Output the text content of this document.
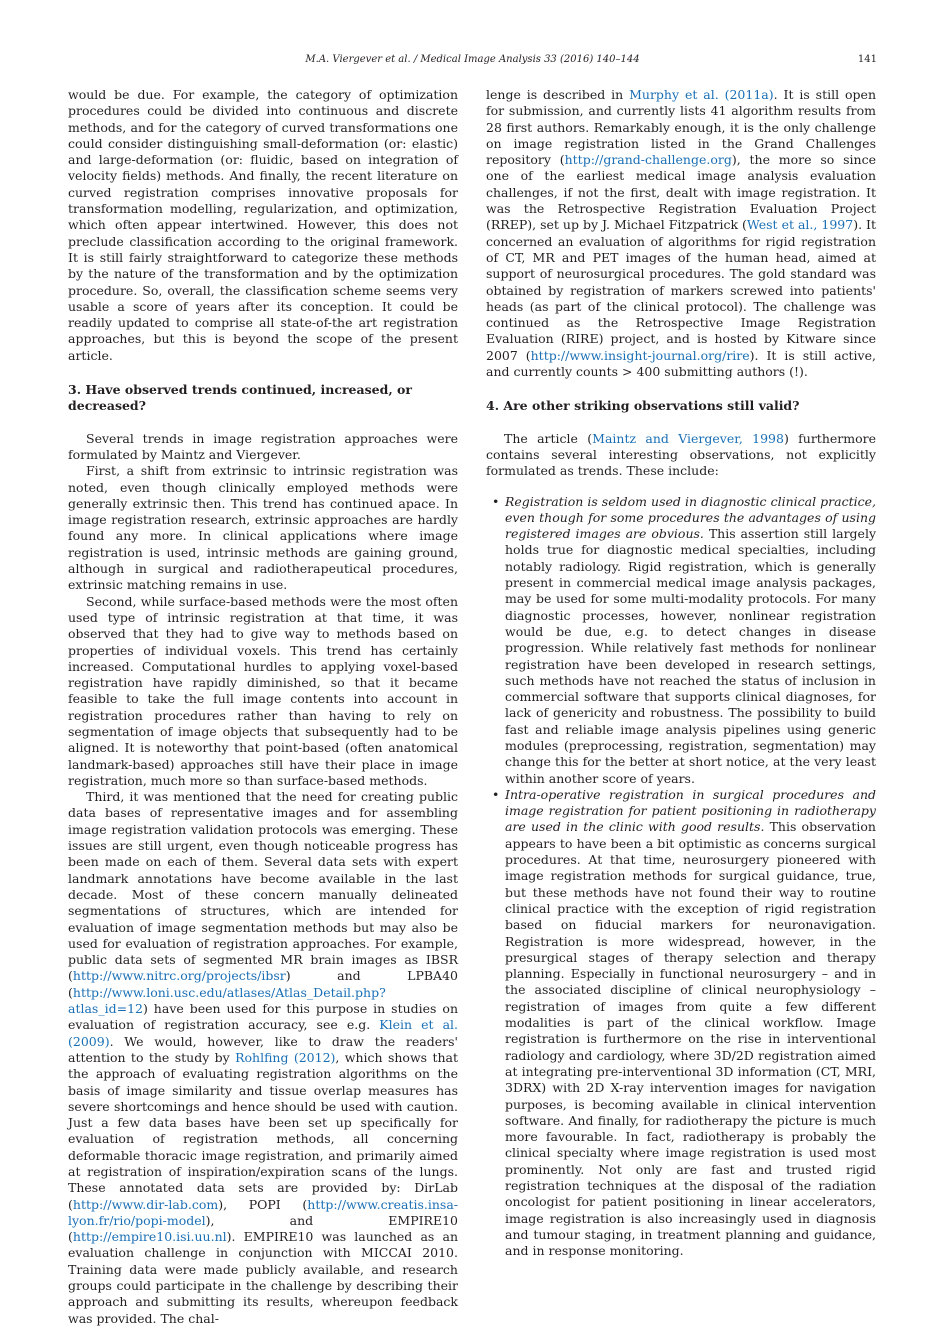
M.A. Viergever et al. / Medical Image Analysis 33 (2016) 140–144	141

would be due. For example, the category of optimization procedures could be divided into continuous and discrete methods, and for the category of curved transformations one could consider distinguishing small-deformation (or: elastic) and large-deformation (or: fluidic, based on integration of velocity fields) methods. And finally, the recent literature on curved registration comprises innovative proposals for transformation modelling, regularization, and optimization, which often appear intertwined. However, this does not preclude classification according to the original framework. It is still fairly straightforward to categorize these methods by the nature of the transformation and by the optimization procedure. So, overall, the classification scheme seems very usable a score of years after its conception. It could be readily updated to comprise all state-of-the art registration approaches, but this is beyond the scope of the present article.

3. Have observed trends continued, increased, or decreased?

Several trends in image registration approaches were formulated by Maintz and Viergever.

First, a shift from extrinsic to intrinsic registration was noted, even though clinically employed methods were generally extrinsic then. This trend has continued apace. In image registration research, extrinsic approaches are hardly found any more. In clinical applications where image registration is used, intrinsic methods are gaining ground, although in surgical and radiotherapeutical procedures, extrinsic matching remains in use.

Second, while surface-based methods were the most often used type of intrinsic registration at that time, it was observed that they had to give way to methods based on properties of individual voxels. This trend has certainly increased. Computational hurdles to applying voxel-based registration have rapidly diminished, so that it became feasible to take the full image contents into account in registration procedures rather than having to rely on segmentation of image objects that subsequently had to be aligned. It is noteworthy that point-based (often anatomical landmark-based) approaches still have their place in image registration, much more so than surface-based methods.

Third, it was mentioned that the need for creating public data bases of representative images and for assembling image registration validation protocols was emerging. These issues are still urgent, even though noticeable progress has been made on each of them. Several data sets with expert landmark annotations have become available in the last decade. Most of these concern manually delineated segmentations of structures, which are intended for evaluation of image segmentation methods but may also be used for evaluation of registration approaches. For example, public data sets of segmented MR brain images as IBSR (http://www.nitrc.org/projects/ibsr) and LPBA40 (http://www.loni.usc.edu/atlases/Atlas_Detail.php?atlas_id=12) have been used for this purpose in studies on evaluation of registration accuracy, see e.g. Klein et al. (2009). We would, however, like to draw the readers' attention to the study by Rohlfing (2012), which shows that the approach of evaluating registration algorithms on the basis of image similarity and tissue overlap measures has severe shortcomings and hence should be used with caution. Just a few data bases have been set up specifically for evaluation of registration methods, all concerning deformable thoracic image registration, and primarily aimed at registration of inspiration/expiration scans of the lungs. These annotated data sets are provided by: DirLab (http://www.dir-lab.com), POPI (http://www.creatis.insa-lyon.fr/rio/popi-model), and EMPIRE10 (http://empire10.isi.uu.nl). EMPIRE10 was launched as an evaluation challenge in conjunction with MICCAI 2010. Training data were made publicly available, and research groups could participate in the challenge by describing their approach and submitting its results, whereupon feedback was provided. The chal-

lenge is described in Murphy et al. (2011a). It is still open for submission, and currently lists 41 algorithm results from 28 first authors. Remarkably enough, it is the only challenge on image registration listed in the Grand Challenges repository (http://grand-challenge.org), the more so since one of the earliest medical image analysis evaluation challenges, if not the first, dealt with image registration. It was the Retrospective Registration Evaluation Project (RREP), set up by J. Michael Fitzpatrick (West et al., 1997). It concerned an evaluation of algorithms for rigid registration of CT, MR and PET images of the human head, aimed at support of neurosurgical procedures. The gold standard was obtained by registration of markers screwed into patients' heads (as part of the clinical protocol). The challenge was continued as the Retrospective Image Registration Evaluation (RIRE) project, and is hosted by Kitware since 2007 (http://www.insight-journal.org/rire). It is still active, and currently counts > 400 submitting authors (!).

4. Are other striking observations still valid?

The article (Maintz and Viergever, 1998) furthermore contains several interesting observations, not explicitly formulated as trends. These include:

• Registration is seldom used in diagnostic clinical practice, even though for some procedures the advantages of using registered images are obvious. This assertion still largely holds true for diagnostic medical specialties, including notably radiology. Rigid registration, which is generally present in commercial medical image analysis packages, may be used for some multi-modality protocols. For many diagnostic processes, however, nonlinear registration would be due, e.g. to detect changes in disease progression. While relatively fast methods for nonlinear registration have been developed in research settings, such methods have not reached the status of inclusion in commercial software that supports clinical diagnoses, for lack of genericity and robustness. The possibility to build fast and reliable image analysis pipelines using generic modules (preprocessing, registration, segmentation) may change this for the better at short notice, at the very least within another score of years.
• Intra-operative registration in surgical procedures and image registration for patient positioning in radiotherapy are used in the clinic with good results. This observation appears to have been a bit optimistic as concerns surgical procedures. At that time, neurosurgery pioneered with image registration methods for surgical guidance, true, but these methods have not found their way to routine clinical practice with the exception of rigid registration based on fiducial markers for neuronavigation. Registration is more widespread, however, in the presurgical stages of therapy selection and therapy planning. Especially in functional neurosurgery – and in the associated discipline of clinical neurophysiology – registration of images from quite a few different modalities is part of the clinical workflow. Image registration is furthermore on the rise in interventional radiology and cardiology, where 3D/2D registration aimed at integrating pre-interventional 3D information (CT, MRI, 3DRX) with 2D X-ray intervention images for navigation purposes, is becoming available in clinical intervention software. And finally, for radiotherapy the picture is much more favourable. In fact, radiotherapy is probably the clinical specialty where image registration is used most prominently. Not only are fast and trusted rigid registration techniques at the disposal of the radiation oncologist for patient positioning in linear accelerators, image registration is also increasingly used in diagnosis and tumour staging, in treatment planning and guidance, and in response monitoring.
